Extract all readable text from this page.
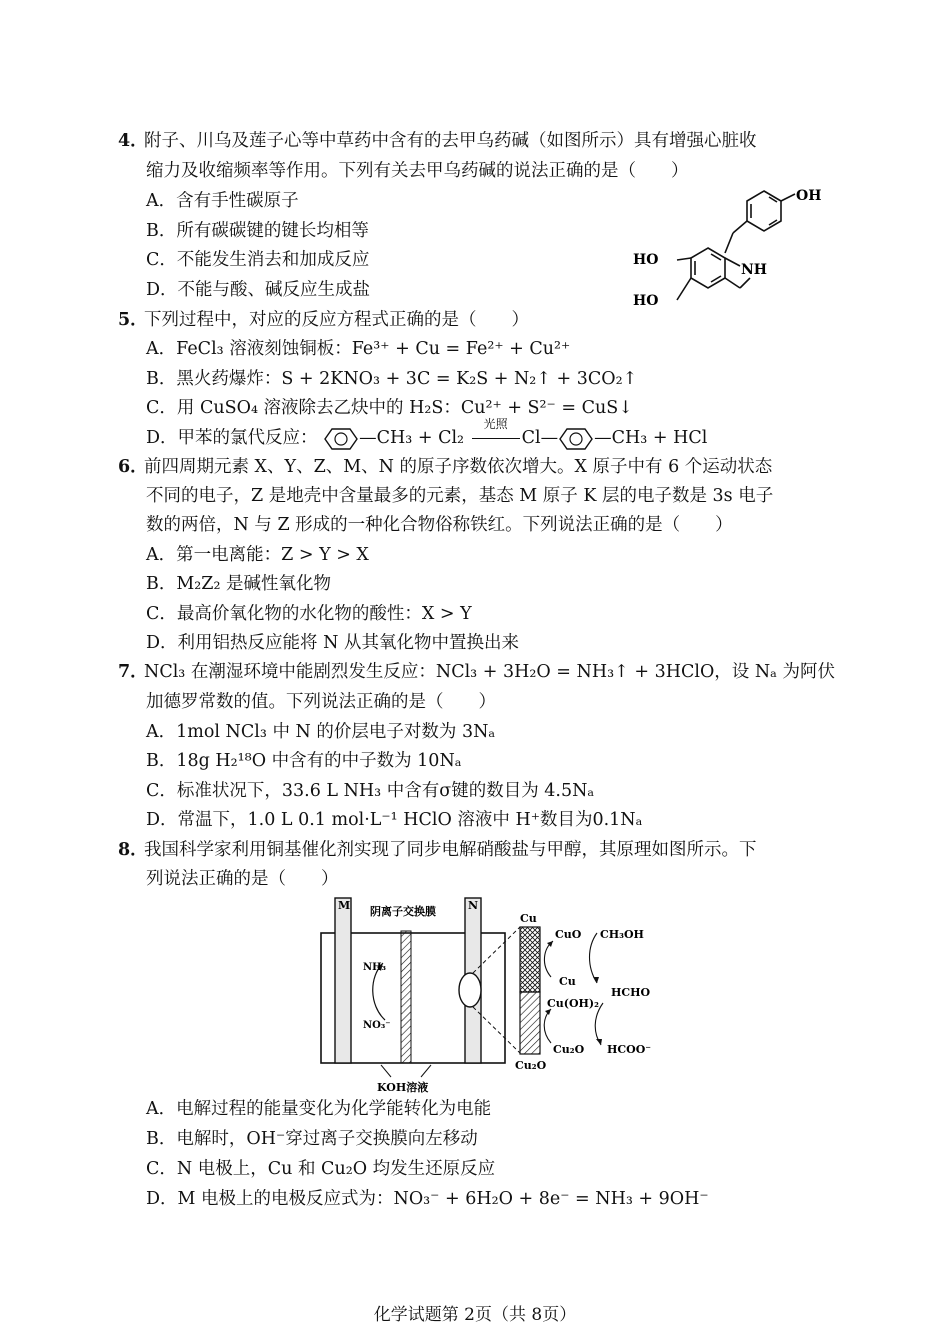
4．附子、川乌及莲子心等中草药中含有的去甲乌药碱（如图所示）具有增强心脏收
缩力及收缩频率等作用。下列有关去甲乌药碱的说法正确的是（　　）
A．含有手性碳原子
B．所有碳碳键的键长均相等
C．不能发生消去和加成反应
D．不能与酸、碱反应生成盐
OH
HO
HO
NH
5．下列过程中，对应的反应方程式正确的是（　　）
A．FeCl₃ 溶液刻蚀铜板：Fe³⁺ + Cu = Fe²⁺ + Cu²⁺
B．黑火药爆炸：S + 2KNO₃ + 3C = K₂S + N₂↑ + 3CO₂↑
C．用 CuSO₄ 溶液除去乙炔中的 H₂S：Cu²⁺ + S²⁻ = CuS↓
D．甲苯的氯代反应： —CH₃ + Cl₂
光照
Cl— —CH₃ + HCl
6．前四周期元素 X、Y、Z、M、N 的原子序数依次增大。X 原子中有 6 个运动状态
不同的电子，Z 是地壳中含量最多的元素，基态 M 原子 K 层的电子数是 3s 电子
数的两倍，N 与 Z 形成的一种化合物俗称铁红。下列说法正确的是（　　）
A．第一电离能：Z > Y > X
B．M₂Z₂ 是碱性氧化物
C．最高价氧化物的水化物的酸性：X > Y
D．利用铝热反应能将 N 从其氧化物中置换出来
7．NCl₃ 在潮湿环境中能剧烈发生反应：NCl₃ + 3H₂O = NH₃↑ + 3HClO，设 Nₐ 为阿伏
加德罗常数的值。下列说法正确的是（　　）
A．1mol NCl₃ 中 N 的价层电子对数为 3Nₐ
B．18g H₂¹⁸O 中含有的中子数为 10Nₐ
C．标准状况下，33.6 L NH₃ 中含有σ键的数目为 4.5Nₐ
D．常温下，1.0 L 0.1 mol·L⁻¹ HClO 溶液中 H⁺数目为0.1Nₐ
8．我国科学家利用铜基催化剂实现了同步电解硝酸盐与甲醇，其原理如图所示。下
列说法正确的是（　　）
M	N
阴离子交换膜
NH₃
NO₃⁻
KOH溶液
Cu
Cu₂O
CuO
Cu
Cu(OH)₂
Cu₂O
CH₃OH
HCHO
HCOO⁻
A．电解过程的能量变化为化学能转化为电能
B．电解时，OH⁻穿过离子交换膜向左移动
C．N 电极上，Cu 和 Cu₂O 均发生还原反应
D．M 电极上的电极反应式为：NO₃⁻ + 6H₂O + 8e⁻ = NH₃ + 9OH⁻
化学试题第 2页（共 8页）
